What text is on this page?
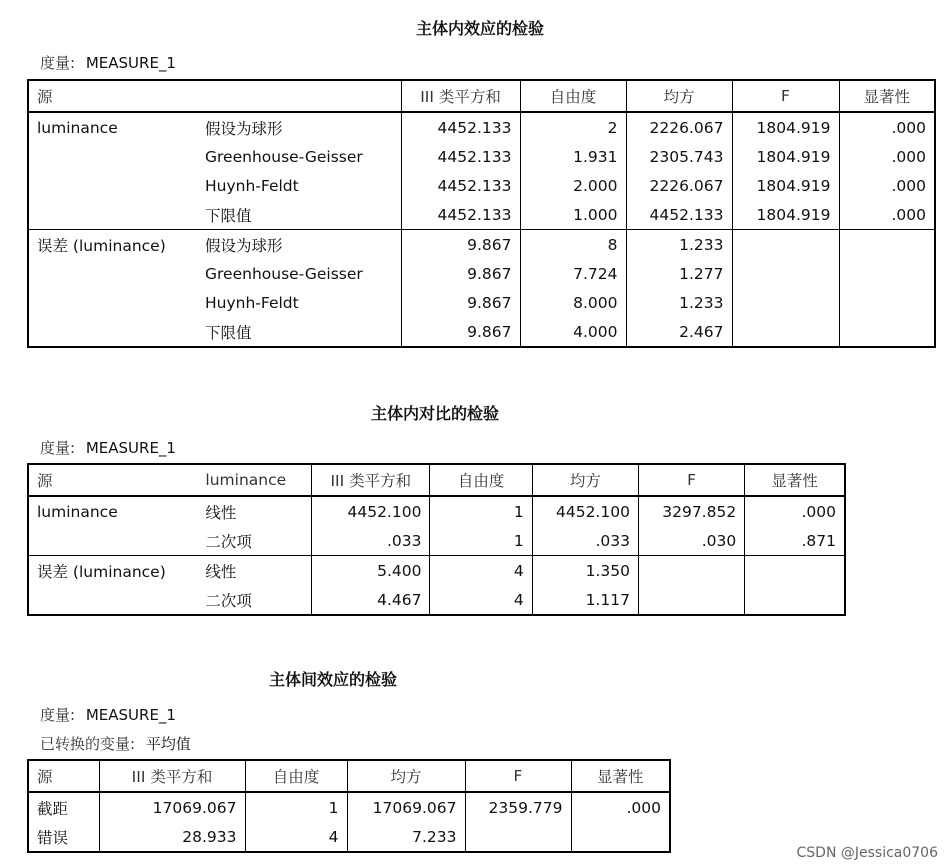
主体内效应的检验
度量: MEASURE_1
源		III 类平方和	自由度	均方	F	显著性
luminance	假设为球形	4452.133	2	2226.067	1804.919	.000
	Greenhouse-Geisser	4452.133	1.931	2305.743	1804.919	.000
	Huynh-Feldt	4452.133	2.000	2226.067	1804.919	.000
	下限值	4452.133	1.000	4452.133	1804.919	.000
误差 (luminance)	假设为球形	9.867	8	1.233		
	Greenhouse-Geisser	9.867	7.724	1.277		
	Huynh-Feldt	9.867	8.000	1.233		
	下限值	9.867	4.000	2.467		
主体内对比的检验
度量: MEASURE_1
源	luminance	III 类平方和	自由度	均方	F	显著性
luminance	线性	4452.100	1	4452.100	3297.852	.000
	二次项	.033	1	.033	.030	.871
误差 (luminance)	线性	5.400	4	1.350		
	二次项	4.467	4	1.117		
主体间效应的检验
度量: MEASURE_1
已转换的变量: 平均值
源	III 类平方和	自由度	均方	F	显著性
截距	17069.067	1	17069.067	2359.779	.000
错误	28.933	4	7.233		
CSDN @Jessica0706
